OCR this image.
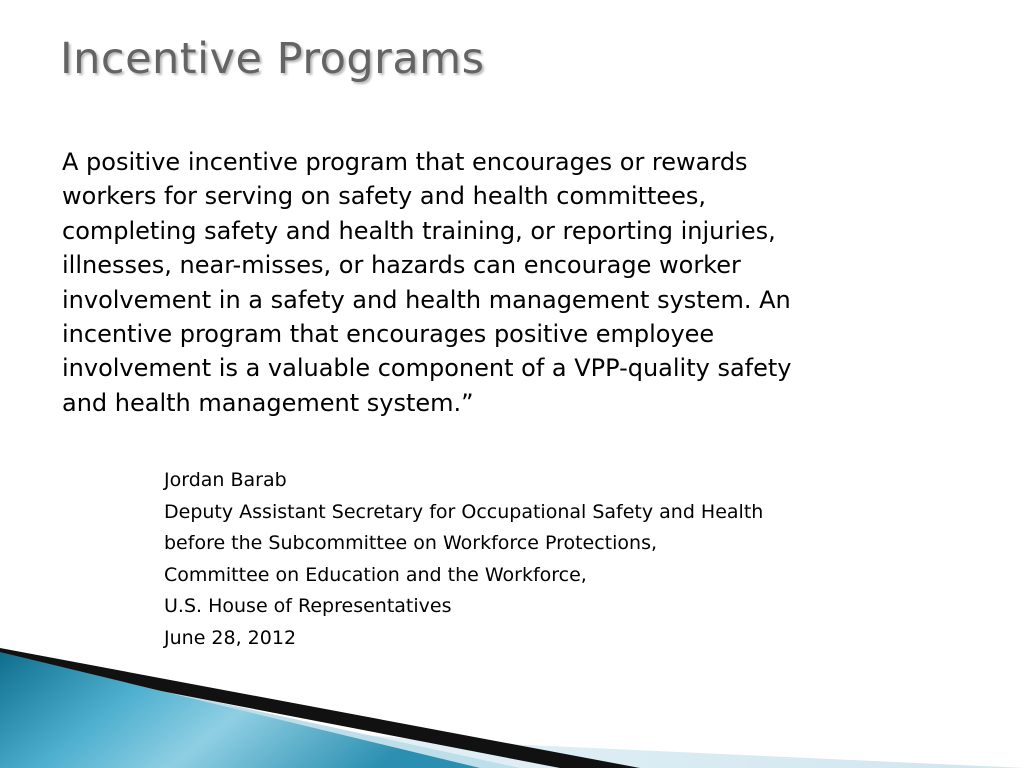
Incentive Programs
A positive incentive program that encourages or rewards
workers for serving on safety and health committees,
completing safety and health training, or reporting injuries,
illnesses, near-misses, or hazards can encourage worker
involvement in a safety and health management system. An
incentive program that encourages positive employee
involvement is a valuable component of a VPP-quality safety
and health management system.”
Jordan Barab
Deputy Assistant Secretary for Occupational Safety and Health
before the Subcommittee on Workforce Protections,
Committee on Education and the Workforce,
U.S. House of Representatives
June 28, 2012
